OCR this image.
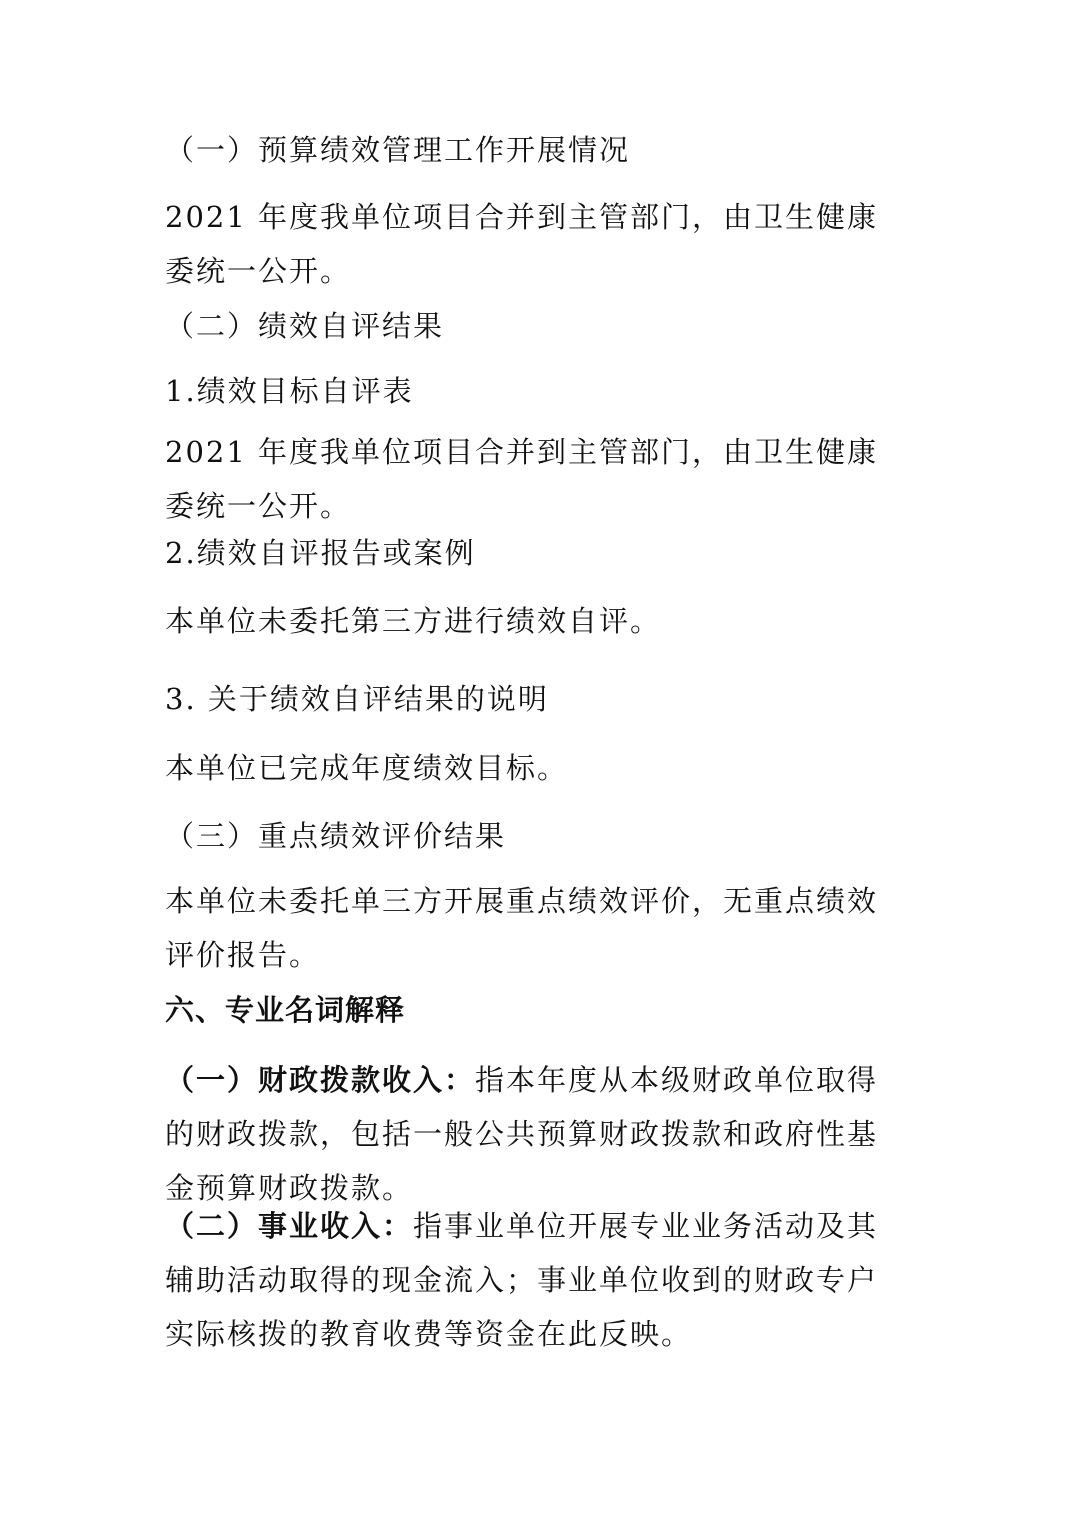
（一）预算绩效管理工作开展情况
2021 年度我单位项目合并到主管部门，由卫生健康委统一公开。
（二）绩效自评结果
1.绩效目标自评表
2021 年度我单位项目合并到主管部门，由卫生健康委统一公开。
2.绩效自评报告或案例
本单位未委托第三方进行绩效自评。
3. 关于绩效自评结果的说明
本单位已完成年度绩效目标。
（三）重点绩效评价结果
本单位未委托单三方开展重点绩效评价，无重点绩效评价报告。
六、专业名词解释
（一）财政拨款收入：指本年度从本级财政单位取得的财政拨款，包括一般公共预算财政拨款和政府性基金预算财政拨款。
（二）事业收入：指事业单位开展专业业务活动及其辅助活动取得的现金流入；事业单位收到的财政专户实际核拨的教育收费等资金在此反映。
